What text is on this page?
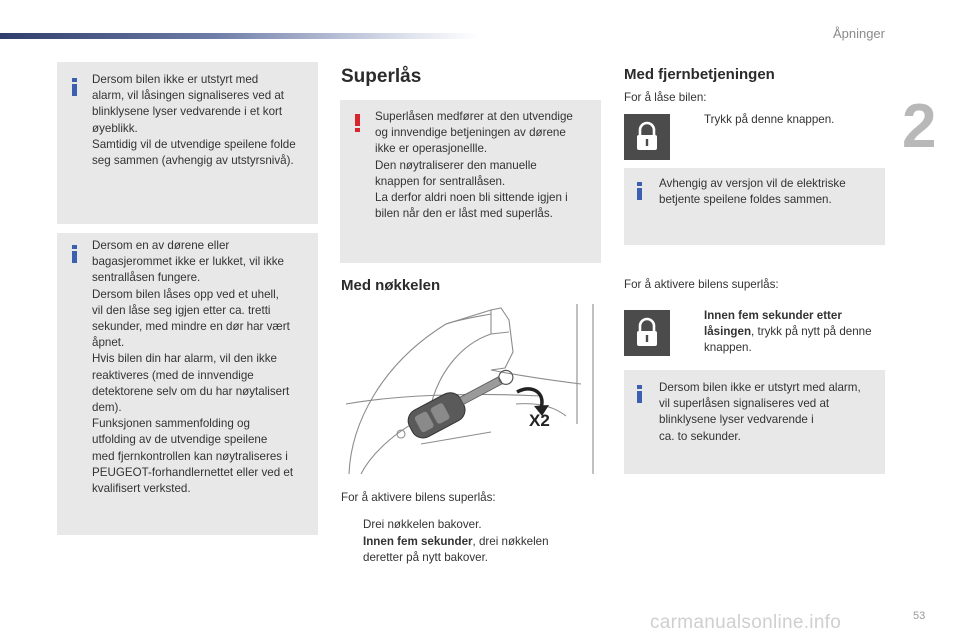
Åpninger
2

Dersom bilen ikke er utstyrt med

alarm, vil låsingen signaliseres ved at

blinklysene lyser vedvarende i et kort

øyeblikk.

Samtidig vil de utvendige speilene folde

seg sammen (avhengig av utstyrsnivå).

Dersom en av dørene eller

bagasjerommet ikke er lukket, vil ikke

sentrallåsen fungere.

Dersom bilen låses opp ved et uhell,

vil den låse seg igjen etter ca. tretti

sekunder, med mindre en dør har vært

åpnet.

Hvis bilen din har alarm, vil den ikke

reaktiveres (med de innvendige

detektorene selv om du har nøytalisert

dem).

Funksjonen sammenfolding og

utfolding av de utvendige speilene

med fjernkontrollen kan nøytraliseres i

PEUGEOT-forhandlernettet eller ved et

kvalifisert verksted.

Superlås

Superlåsen medfører at den utvendige

og innvendige betjeningen av dørene

ikke er operasjonellle.

Den nøytraliserer den manuelle

knappen for sentrallåsen.

La derfor aldri noen bli sittende igjen i

bilen når den er låst med superlås.

Med nøkkelen
X2

For å aktivere bilens superlås:

Drei nøkkelen bakover.
Innen fem sekunder, drei nøkkelen
deretter på nytt bakover.
Med fjernbetjeningen
For å låse bilen:
Trykk på denne knappen.

Avhengig av versjon vil de elektriske

betjente speilene foldes sammen.

For å aktivere bilens superlås:
Innen fem sekunder etter
låsingen, trykk på nytt på denne
knappen.

Dersom bilen ikke er utstyrt med alarm,

vil superlåsen signaliseres ved at

blinklysene lyser vedvarende i

ca. to sekunder.

carmanualsonline.info	53
